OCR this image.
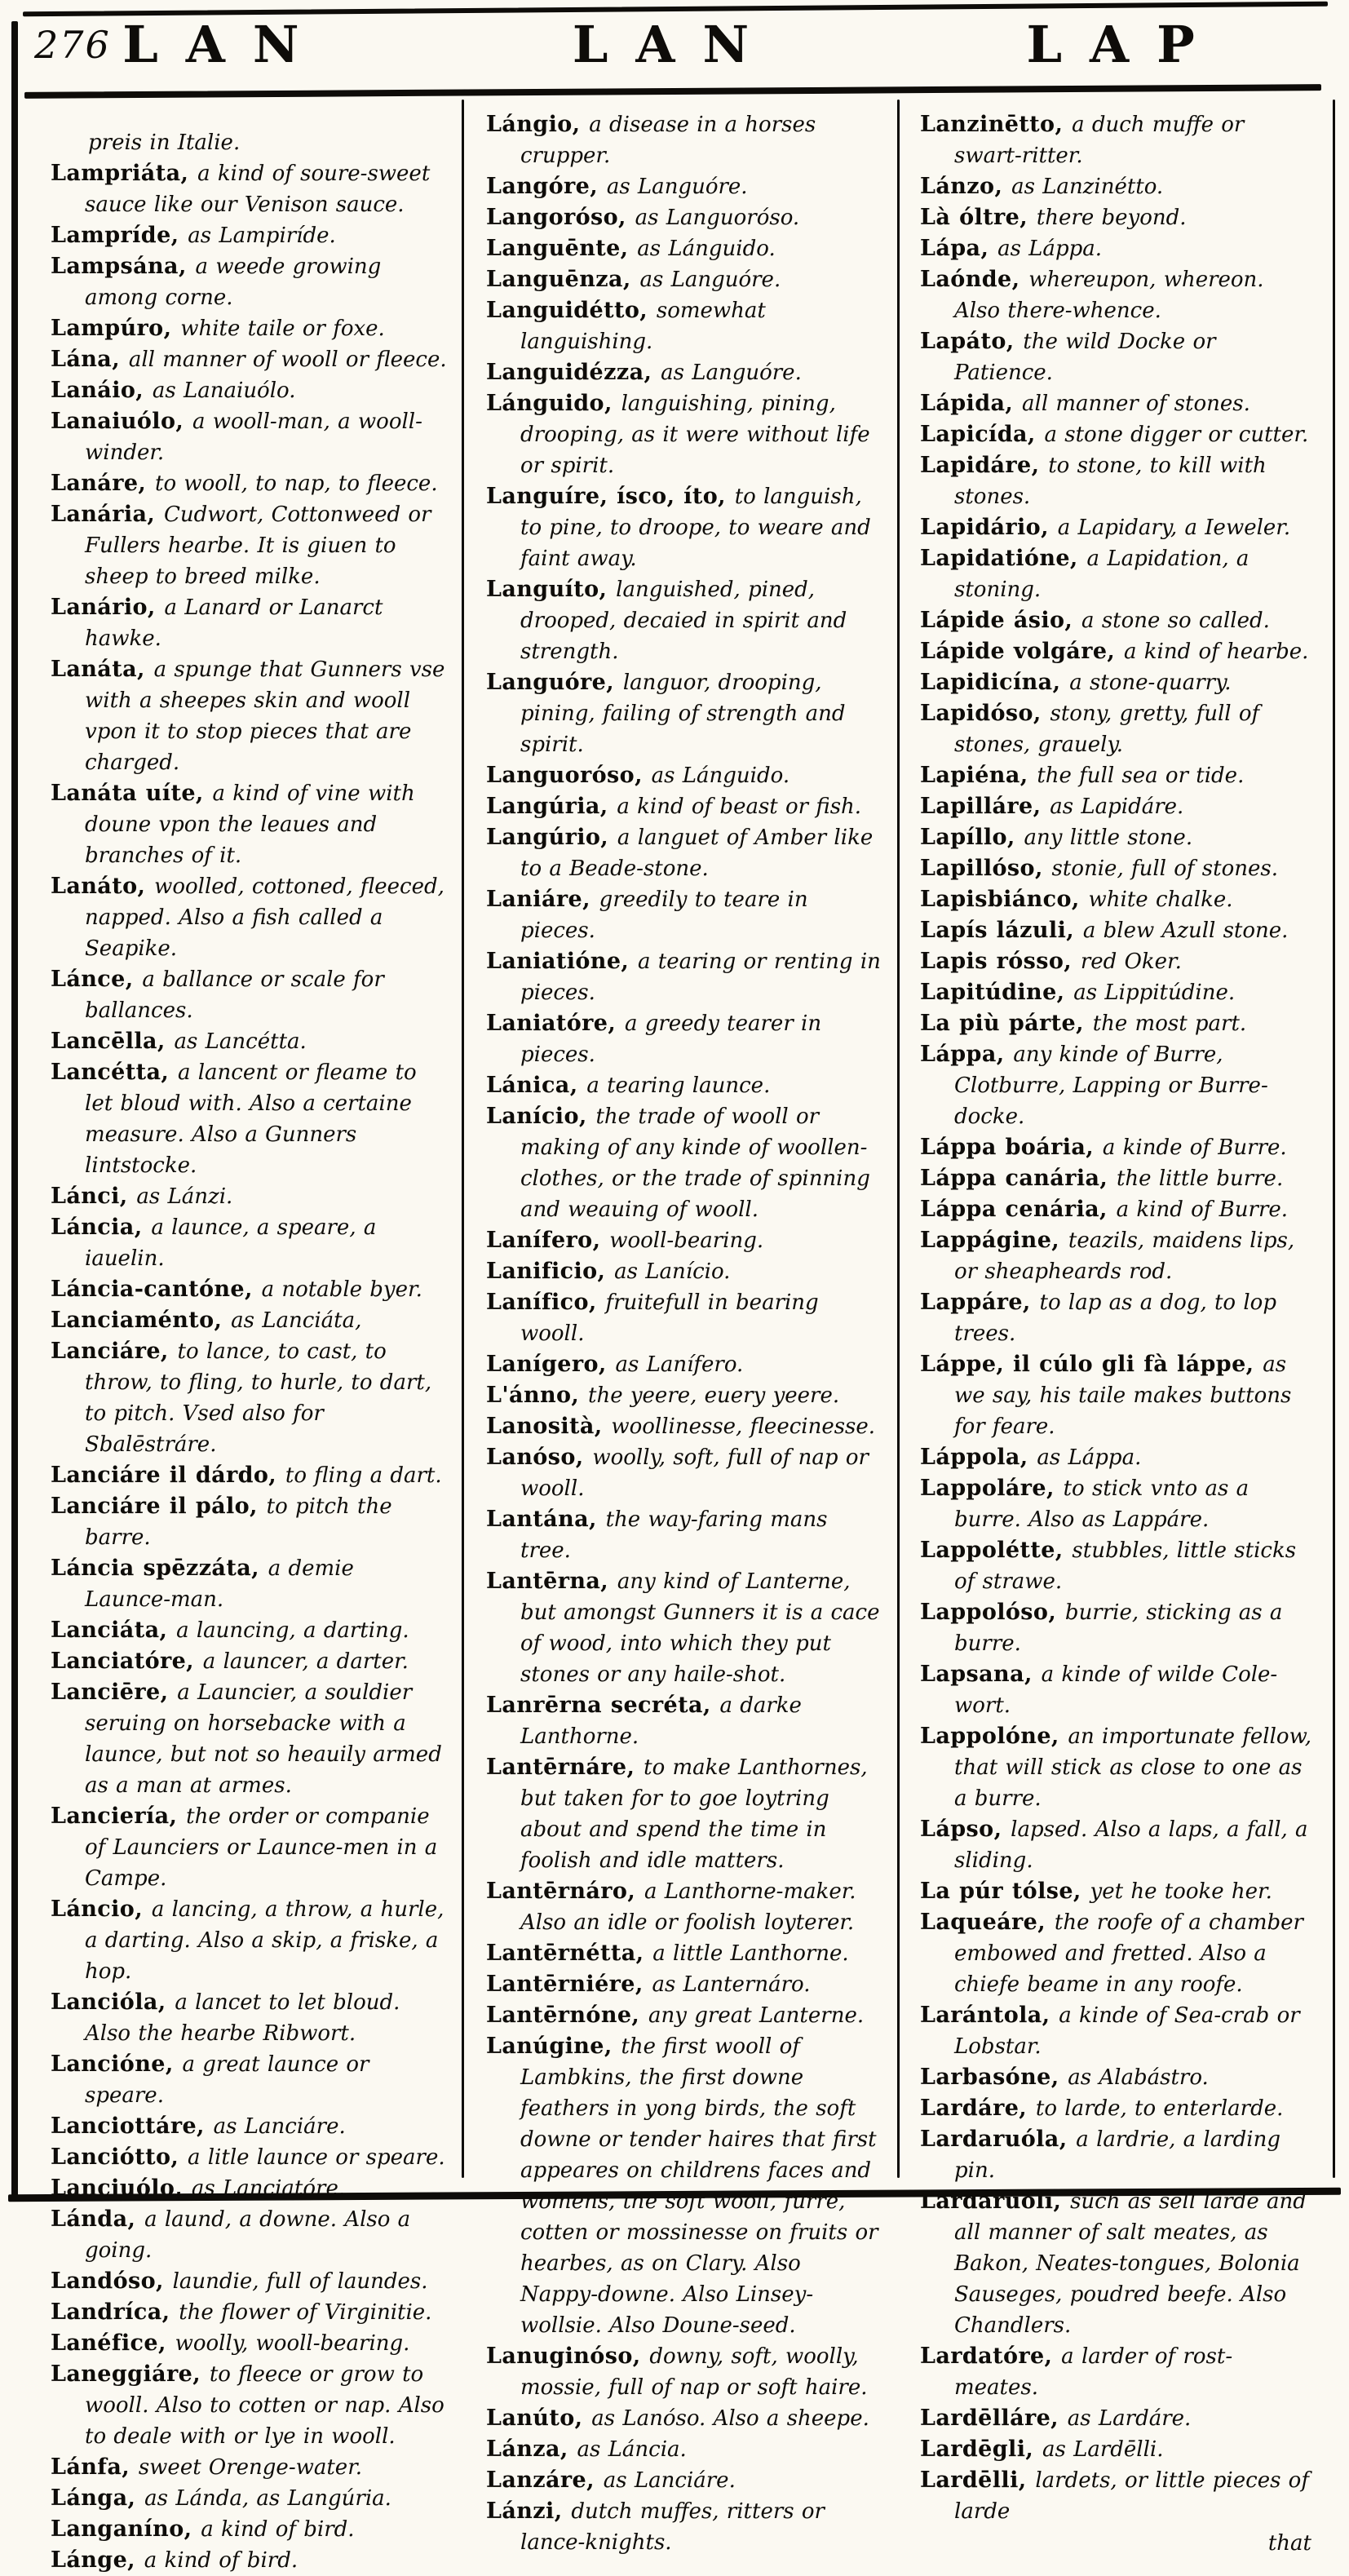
LAN	LAN	LAP
276
preis in Italie.
Lampriáta, a kind of soure-sweet sauce like our Venison sauce.
Lampríde, as Lampiríde.
Lampsána, a weede growing among corne.
Lampúro, white taile or foxe.
Lána, all manner of wooll or fleece.
Lanáio, as Lanaiuólo.
Lanaiuólo, a wooll-man, a wooll-winder.
Lanáre, to wooll, to nap, to fleece.
Lanária, Cudwort, Cottonweed or Fullers hearbe. It is giuen to sheep to breed milke.
Lanário, a Lanard or Lanarct hawke.
Lanáta, a spunge that Gunners vse with a sheepes skin and wooll vpon it to stop pieces that are charged.
Lanáta uíte, a kind of vine with doune vpon the leaues and branches of it.
Lanáto, woolled, cottoned, fleeced, napped. Also a fish called a Seapike.
Lánce, a ballance or scale for ballances.
Lancēlla, as Lancétta.
Lancétta, a lancent or fleame to let bloud with. Also a certaine measure. Also a Gunners lintstocke.
Lánci, as Lánzi.
Láncia, a launce, a speare, a iauelin.
Láncia-cantóne, a notable byer.
Lanciaménto, as Lanciáta,
Lanciáre, to lance, to cast, to throw, to fling, to hurle, to dart, to pitch. Vsed also for Sbalēstráre.
Lanciáre il dárdo, to fling a dart.
Lanciáre il pálo, to pitch the barre.
Láncia spēzzáta, a demie Launce-man.
Lanciáta, a launcing, a darting.
Lanciatóre, a launcer, a darter.
Lanciēre, a Launcier, a souldier seruing on horsebacke with a launce, but not so heauily armed as a man at armes.
Lanciería, the order or companie of Launciers or Launce-men in a Campe.
Láncio, a lancing, a throw, a hurle, a darting. Also a skip, a friske, a hop.
Lancióla, a lancet to let bloud. Also the hearbe Ribwort.
Lancióne, a great launce or speare.
Lanciottáre, as Lanciáre.
Lanciótto, a litle launce or speare.
Lanciuólo, as Lanciatóre.
Lánda, a laund, a downe. Also a going.
Landóso, laundie, full of laundes.
Landríca, the flower of Virginitie.
Lanéfice, woolly, wooll-bearing.
Laneggiáre, to fleece or grow to wooll. Also to cotten or nap. Also to deale with or lye in wooll.
Lánfa, sweet Orenge-water.
Lánga, as Lánda, as Langúria.
Langaníno, a kind of bird.
Lánge, a kind of bird.
Lángio, a disease in a horses crupper.
Langóre, as Languóre.
Langoróso, as Languoróso.
Languēnte, as Lánguido.
Languēnza, as Languóre.
Languidétto, somewhat languishing.
Languidézza, as Languóre.
Lánguido, languishing, pining, drooping, as it were without life or spirit.
Languíre, ísco, íto, to languish, to pine, to droope, to weare and faint away.
Languíto, languished, pined, drooped, decaied in spirit and strength.
Languóre, languor, drooping, pining, failing of strength and spirit.
Languoróso, as Lánguido.
Langúria, a kind of beast or fish.
Langúrio, a languet of Amber like to a Beade-stone.
Laniáre, greedily to teare in pieces.
Laniatióne, a tearing or renting in pieces.
Laniatóre, a greedy tearer in pieces.
Lánica, a tearing launce.
Lanício, the trade of wooll or making of any kinde of woollen-clothes, or the trade of spinning and weauing of wooll.
Lanífero, wooll-bearing.
Lanificio, as Lanício.
Lanífico, fruitefull in bearing wooll.
Lanígero, as Lanífero.
L'ánno, the yeere, euery yeere.
Lanosità, woollinesse, fleecinesse.
Lanóso, woolly, soft, full of nap or wooll.
Lantána, the way-faring mans tree.
Lantērna, any kind of Lanterne, but amongst Gunners it is a cace of wood, into which they put stones or any haile-shot.
Lanrērna secréta, a darke Lanthorne.
Lantērnáre, to make Lanthornes, but taken for to goe loytring about and spend the time in foolish and idle matters.
Lantērnáro, a Lanthorne-maker. Also an idle or foolish loyterer.
Lantērnétta, a little Lanthorne.
Lantērniére, as Lanternáro.
Lantērnóne, any great Lanterne.
Lanúgine, the first wooll of Lambkins, the first downe feathers in yong birds, the soft downe or tender haires that first appeares on childrens faces and womens, the soft wooll, furre, cotten or mossinesse on fruits or hearbes, as on Clary. Also Nappy-downe. Also Linsey-wollsie. Also Doune-seed.
Lanuginóso, downy, soft, woolly, mossie, full of nap or soft haire.
Lanúto, as Lanóso. Also a sheepe.
Lánza, as Láncia.
Lanzáre, as Lanciáre.
Lánzi, dutch muffes, ritters or lance-knights.
Lanzinētto, a duch muffe or swart-ritter.
Lánzo, as Lanzinétto.
Là óltre, there beyond.
Lápa, as Láppa.
Laónde, whereupon, whereon. Also there-whence.
Lapáto, the wild Docke or Patience.
Lápida, all manner of stones.
Lapicída, a stone digger or cutter.
Lapidáre, to stone, to kill with stones.
Lapidário, a Lapidary, a Ieweler.
Lapidatióne, a Lapidation, a stoning.
Lápide ásio, a stone so called.
Lápide volgáre, a kind of hearbe.
Lapidicína, a stone-quarry.
Lapidóso, stony, gretty, full of stones, grauely.
Lapiéna, the full sea or tide.
Lapilláre, as Lapidáre.
Lapíllo, any little stone.
Lapillóso, stonie, full of stones.
Lapisbiánco, white chalke.
Lapís lázuli, a blew Azull stone.
Lapis rósso, red Oker.
Lapitúdine, as Lippitúdine.
La più párte, the most part.
Láppa, any kinde of Burre, Clotburre, Lapping or Burre-docke.
Láppa boária, a kinde of Burre.
Láppa canária, the little burre.
Láppa cenária, a kind of Burre.
Lappágine, teazils, maidens lips, or sheapheards rod.
Lappáre, to lap as a dog, to lop trees.
Láppe, il cúlo gli fà láppe, as we say, his taile makes buttons for feare.
Láppola, as Láppa.
Lappoláre, to stick vnto as a burre. Also as Lappáre.
Lappolétte, stubbles, little sticks of strawe.
Lappolóso, burrie, sticking as a burre.
Lapsana, a kinde of wilde Cole-wort.
Lappolóne, an importunate fellow, that will stick as close to one as a burre.
Lápso, lapsed. Also a laps, a fall, a sliding.
La púr tólse, yet he tooke her.
Laqueáre, the roofe of a chamber embowed and fretted. Also a chiefe beame in any roofe.
Larántola, a kinde of Sea-crab or Lobstar.
Larbasóne, as Alabástro.
Lardáre, to larde, to enterlarde.
Lardaruóla, a lardrie, a larding pin.
Lardaruóli, such as sell larde and all manner of salt meates, as Bakon, Neates-tongues, Bolonia Sauseges, poudred beefe. Also Chandlers.
Lardatóre, a larder of rost-meates.
Lardēlláre, as Lardáre.
Lardēgli, as Lardēlli.
Lardēlli, lardets, or little pieces of larde
that
